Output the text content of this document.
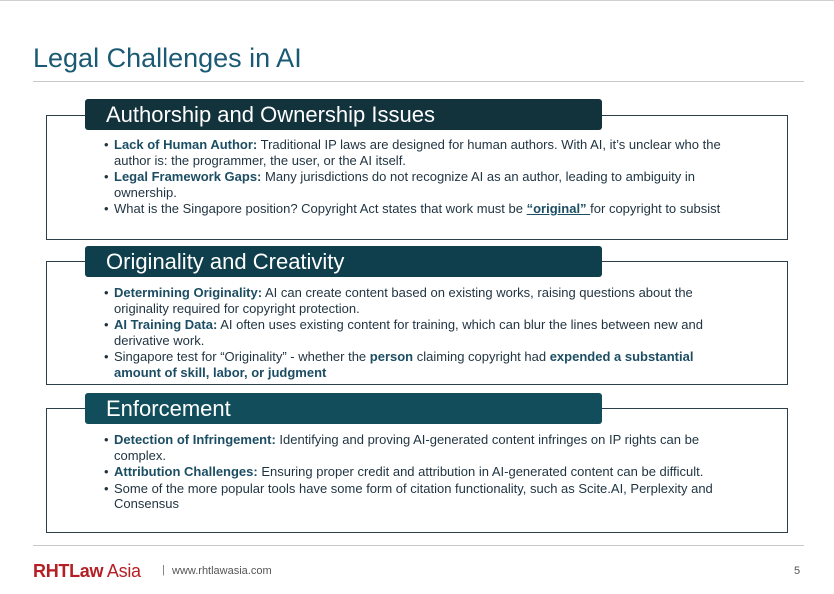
Legal Challenges in AI
Authorship and Ownership Issues
• Lack of Human Author: Traditional IP laws are designed for human authors. With AI, it’s unclear who the author is: the programmer, the user, or the AI itself.
• Legal Framework Gaps: Many jurisdictions do not recognize AI as an author, leading to ambiguity in ownership.
• What is the Singapore position? Copyright Act states that work must be “original” for copyright to subsist
Originality and Creativity
• Determining Originality: AI can create content based on existing works, raising questions about the originality required for copyright protection.
• AI Training Data: AI often uses existing content for training, which can blur the lines between new and derivative work.
• Singapore test for “Originality” - whether the person claiming copyright had expended a substantial amount of skill, labor, or judgment
Enforcement
• Detection of Infringement: Identifying and proving AI-generated content infringes on IP rights can be complex.
• Attribution Challenges: Ensuring proper credit and attribution in AI-generated content can be difficult.
• Some of the more popular tools have some form of citation functionality, such as Scite.AI, Perplexity and Consensus
RHTLaw Asia | www.rhtlawasia.com	5
